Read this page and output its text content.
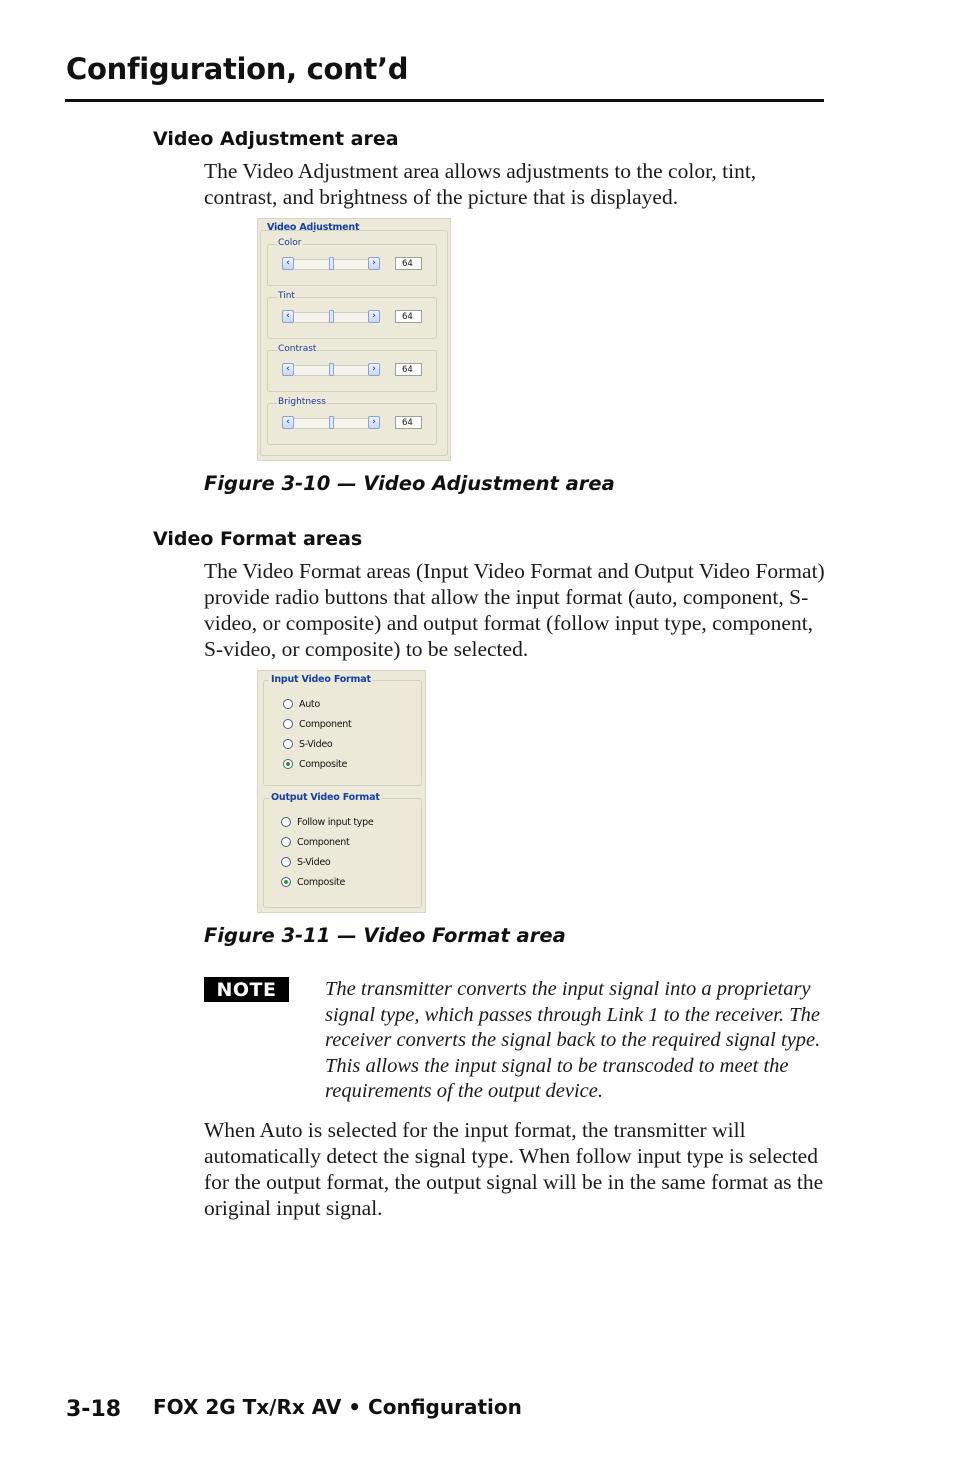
Configuration, cont’d
Video Adjustment area
The Video Adjustment area allows adjustments to the color, tint, contrast, and brightness of the picture that is displayed.
Video Adjustment
Color
‹	›	64
Tint
‹	›	64
Contrast
‹	›	64
Brightness
‹	›	64
Figure 3-10 — Video Adjustment area
Video Format areas
The Video Format areas (Input Video Format and Output Video Format) provide radio buttons that allow the input format (auto, component, S-video, or composite) and output format (follow input type, component, S-video, or composite) to be selected.
Input Video Format
Auto
Component
S-Video
Composite
Output Video Format
Follow input type
Component
S-Video
Composite
Figure 3-11 — Video Format area
NOTE	The transmitter converts the input signal into a proprietary signal type, which passes through Link 1 to the receiver. The receiver converts the signal back to the required signal type. This allows the input signal to be transcoded to meet the requirements of the output device.
When Auto is selected for the input format, the transmitter will automatically detect the signal type. When follow input type is selected for the output format, the output signal will be in the same format as the original input signal.
3-18 FOX 2G Tx/Rx AV • Configuration
